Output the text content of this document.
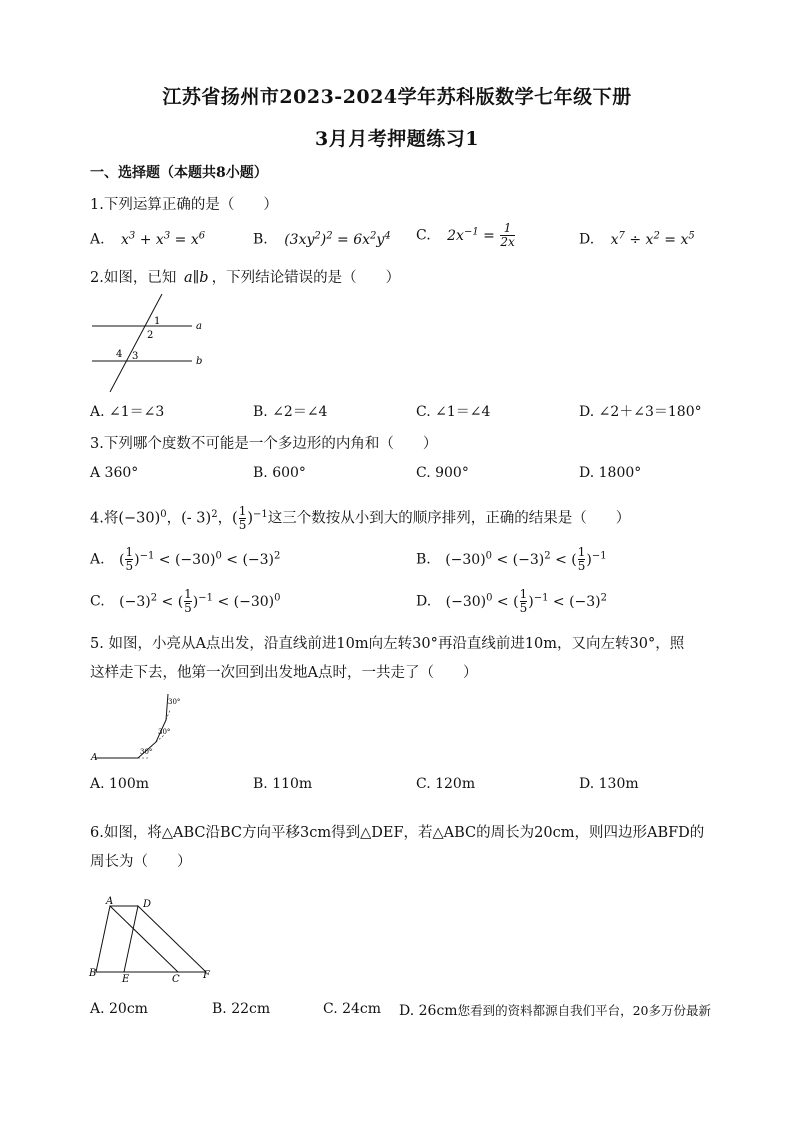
江苏省扬州市2023-2024学年苏科版数学七年级下册
3月月考押题练习1
一、选择题（本题共8小题）
1.下列运算正确的是（　　）
A. $x^3 + x^3 = x^6$	B. $(3xy^2)^2 = 6x^2y^4$ C. $2x^{-1} = \frac{1}{2x}$	D. $x^7 \div x^2 = x^5$
2.如图，已知 a∥b ，下列结论错误的是（　　）
1
2
3
4
a
b
A. ∠1＝∠3	B. ∠2＝∠4	C. ∠1＝∠4	D. ∠2＋∠3＝180°
3.下列哪个度数不可能是一个多边形的内角和（　　）
A 360°	B. 600°	C. 900°	D. 1800°
4.将$(-30)^0$，(- 3)$^2$，( $\frac{1}{5} )^{-1}$这三个数按从小到大的顺序排列，正确的结果是（　　）
A. ( $\frac{1}{5} )^{-1} < (-30)^0 < (-3)^2$	B. $(-30)^0 < (-3)^2$ < ( $\frac{1}{5} )^{-1}$
C. $(-3)^2$ < ( $\frac{1}{5} )^{-1} < (-30)^0$	D. $(-30)^0$ < ( $\frac{1}{5} )^{-1} < (-3)^2$
5. 如图，小亮从A点出发，沿直线前进10m向左转30°再沿直线前进10m，又向左转30°，照
这样走下去，他第一次回到出发地A点时，一共走了（　　）
A
30°
30°
30°
A. 100m	B. 110m	C. 120m	D. 130m
6.如图，将△ABC沿BC方向平移3cm得到△DEF，若△ABC的周长为20cm，则四边形ABFD的
周长为（　　）
A	D
B
E	C F
A. 20cm	B. 22cm	C. 24cm D. 26cm您看到的资料都源自我们平台，20多万份最新
